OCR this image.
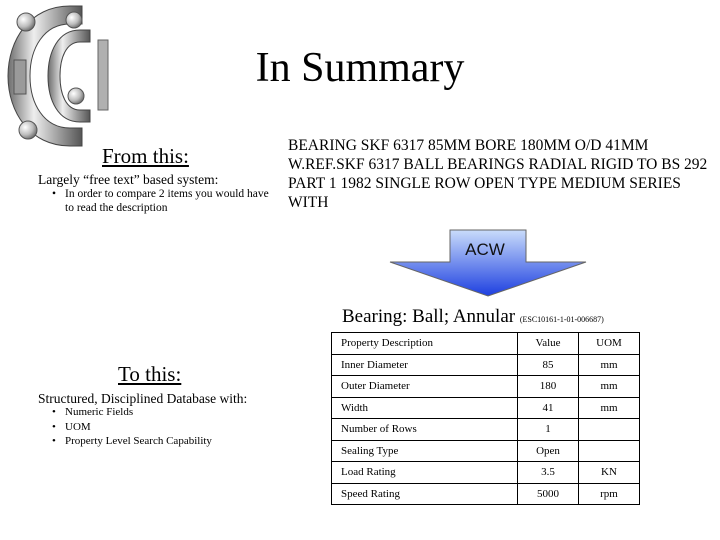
In Summary
From this:
Largely “free text” based system:
• In order to compare 2 items you would have to read the description
BEARING SKF 6317 85MM BORE 180MM O/D 41MM W.REF.SKF 6317 BALL BEARINGS RADIAL RIGID TO BS 292 PART 1 1982 SINGLE ROW OPEN TYPE MEDIUM SERIES WITH
ACW
To this:
Structured, Disciplined Database with:
• Numeric Fields
• UOM
• Property Level Search Capability
Bearing: Ball; Annular (ESC10161-1-01-006687)
Property Description	Value	UOM
Inner Diameter	85	mm
Outer Diameter	180	mm
Width	41	mm
Number of Rows	1	
Sealing Type	Open	
Load Rating	3.5	KN
Speed Rating	5000	rpm
